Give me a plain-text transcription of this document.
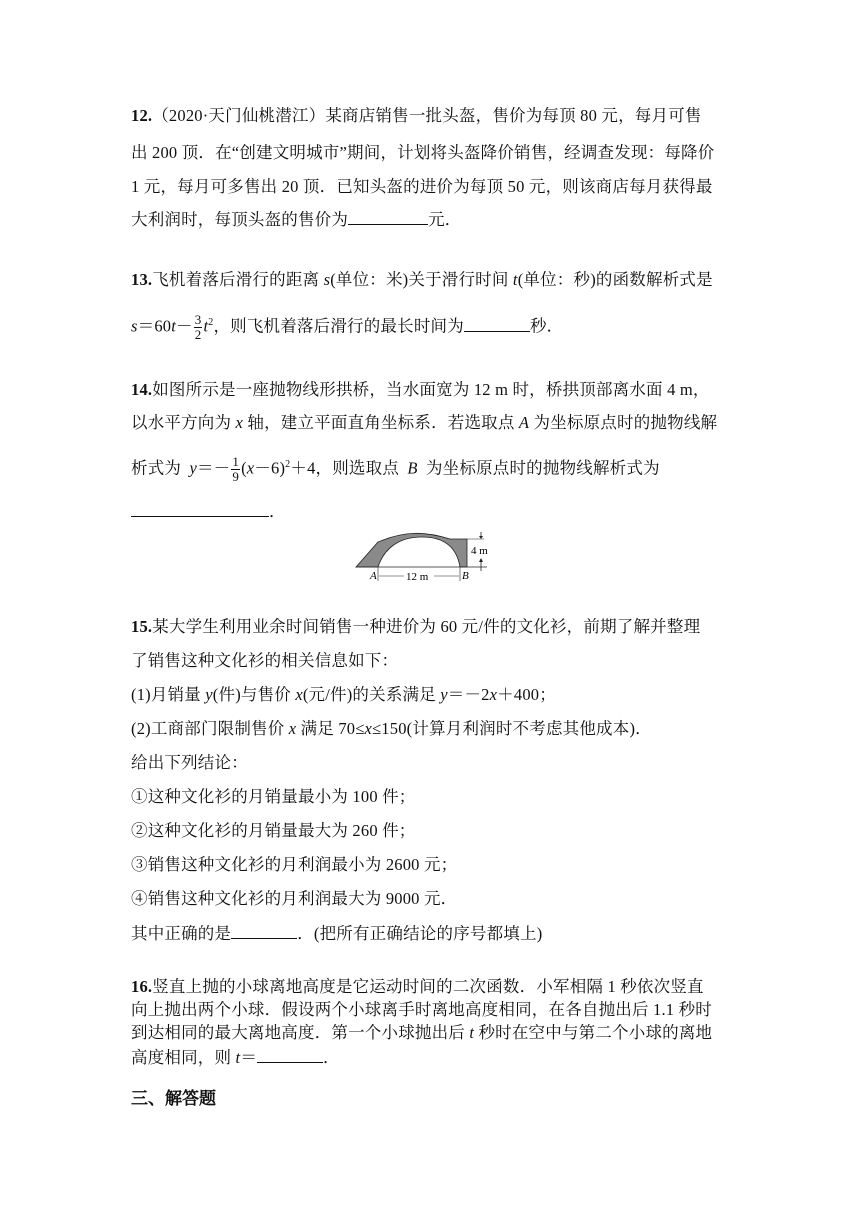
12.（2020·天门仙桃潜江）某商店销售一批头盔，售价为每顶 80 元，每月可售
出 200 顶．在“创建文明城市”期间，计划将头盔降价销售，经调查发现：每降价
1 元，每月可多售出 20 顶．已知头盔的进价为每顶 50 元，则该商店每月获得最
大利润时，每顶头盔的售价为	元．
13.飞机着落后滑行的距离 s(单位：米)关于滑行时间 t(单位：秒)的函数解析式是
$s=60t- \frac{3}{2} t^2$，则飞机着落后滑行的最长时间为	秒．
14.如图所示是一座抛物线形拱桥，当水面宽为 12 m 时，桥拱顶部离水面 4 m，
以水平方向为 x 轴，建立平面直角坐标系．若选取点 A 为坐标原点时的抛物线解
析式为 $y=- \frac{1}{9} (x-6)^2+4$，则选取点 B 为坐标原点时的抛物线解析式为
．
4 m
12 m
A	B
15.某大学生利用业余时间销售一种进价为 60 元/件的文化衫，前期了解并整理
了销售这种文化衫的相关信息如下：
(1)月销量 y(件)与售价 x(元/件)的关系满足 y＝－2x＋400；
(2)工商部门限制售价 x 满足 70≤x≤150(计算月利润时不考虑其他成本)．
给出下列结论：
①这种文化衫的月销量最小为 100 件；
②这种文化衫的月销量最大为 260 件；
③销售这种文化衫的月利润最小为 2600 元；
④销售这种文化衫的月利润最大为 9000 元．
其中正确的是	．(把所有正确结论的序号都填上)
16.竖直上抛的小球离地高度是它运动时间的二次函数．小军相隔 1 秒依次竖直
向上抛出两个小球．假设两个小球离手时离地高度相同，在各自抛出后 1.1 秒时
到达相同的最大离地高度．第一个小球抛出后 t 秒时在空中与第二个小球的离地
高度相同，则 t＝	．
三、解答题
